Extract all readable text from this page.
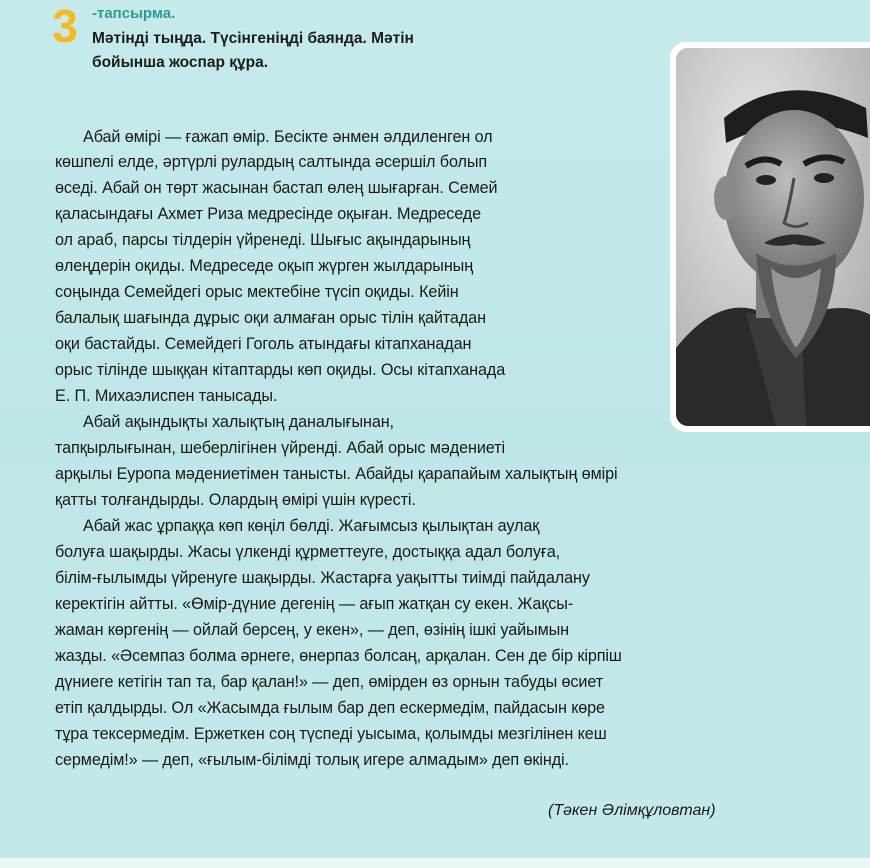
3 -тапсырма.
Мәтінді тыңда. Түсінгеніңді баянда. Мәтін
бойынша жоспар құра.
Абай өмірі — ғажап өмір. Бесікте әнмен әлдиленген ол
көшпелі елде, әртүрлі рулардың салтында әсершіл болып
өседі. Абай он төрт жасынан бастап өлең шығарған. Семей
қаласындағы Ахмет Риза медресінде оқыған. Медреседе
ол араб, парсы тілдерін үйренеді. Шығыс ақындарының
өлеңдерін оқиды. Медреседе оқып жүрген жылдарының
соңында Семейдегі орыс мектебіне түсіп оқиды. Кейін
балалық шағында дұрыс оқи алмаған орыс тілін қайтадан
оқи бастайды. Семейдегі Гоголь атындағы кітапханадан
орыс тілінде шыққан кітаптарды көп оқиды. Осы кітапханада
Е. П. Михаэлиспен танысады.
Абай ақындықты халықтың даналығынан,
тапқырлығынан, шеберлігінен үйренді. Абай орыс мәдениеті
арқылы Еуропа мәдениетімен танысты. Абайды қарапайым халықтың өмірі
қатты толғандырды. Олардың өмірі үшін күресті.
Абай жас ұрпаққа көп көңіл бөлді. Жағымсыз қылықтан аулақ
болуға шақырды. Жасы үлкенді құрметтеуге, достыққа адал болуға,
білім-ғылымды үйренуге шақырды. Жастарға уақытты тиімді пайдалану
керектігін айтты. «Өмір-дүние дегенің — ағып жатқан су екен. Жақсы-
жаман көргенің — ойлай берсең, у екен», — деп, өзінің ішкі уайымын
жазды. «Әсемпаз болма әрнеге, өнерпаз болсаң, арқалан. Сен де бір кірпіш
дүниеге кетігін тап та, бар қалан!» — деп, өмірден өз орнын табуды өсиет
етіп қалдырды. Ол «Жасымда ғылым бар деп ескермедім, пайдасын көре
тұра тексермедім. Ержеткен соң түспеді уысыма, қолымды мезгілінен кеш
сермедім!» — деп, «ғылым-білімді толық игере алмадым» деп өкінді.
(Тәкен Әлімқұловтан)
